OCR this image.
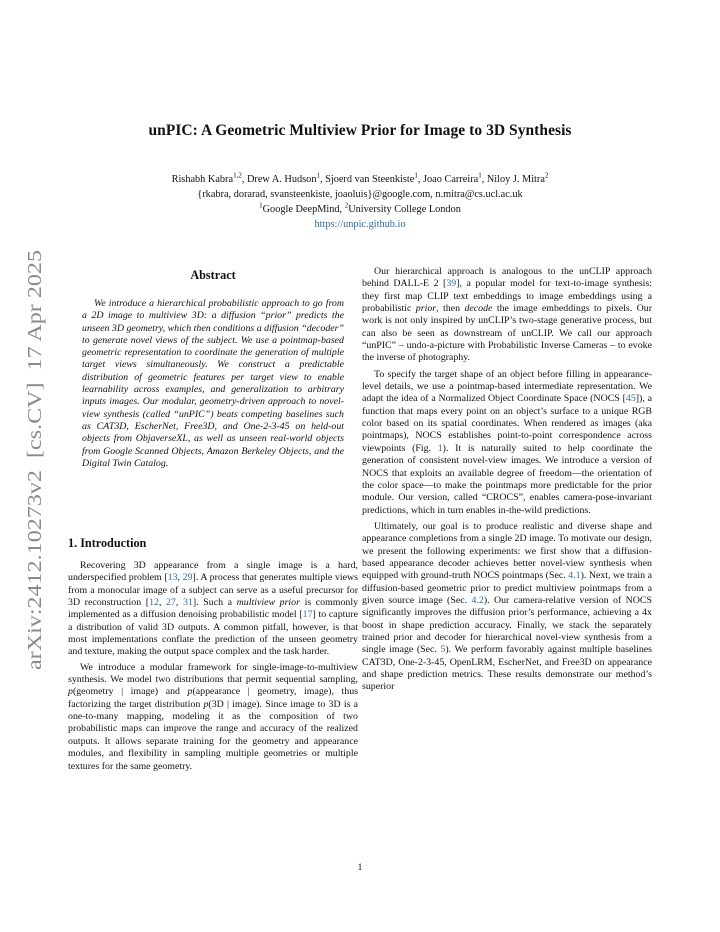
arXiv:2412.10273v2  [cs.CV]  17 Apr 2025
unPIC: A Geometric Multiview Prior for Image to 3D Synthesis
Rishabh Kabra$^{1,2}$, Drew A. Hudson$^1$, Sjoerd van Steenkiste$^1$, Joao Carreira$^1$, Niloy J. Mitra$^2$
{rkabra, dorarad, svansteenkiste, joaoluis}@google.com, n.mitra@cs.ucl.ac.uk
$^1$Google DeepMind, $^2$University College London
https://unpic.github.io
Abstract
We introduce a hierarchical probabilistic approach to go from a 2D image to multiview 3D: a diffusion “prior” predicts the unseen 3D geometry, which then conditions a diffusion “decoder” to generate novel views of the subject. We use a pointmap-based geometric representation to coordinate the generation of multiple target views simultaneously. We construct a predictable distribution of geometric features per target view to enable learnability across examples, and generalization to arbitrary inputs images. Our modular, geometry-driven approach to novel-view synthesis (called “unPIC”) beats competing baselines such as CAT3D, EscherNet, Free3D, and One-2-3-45 on held-out objects from ObjaverseXL, as well as unseen real-world objects from Google Scanned Objects, Amazon Berkeley Objects, and the Digital Twin Catalog.
1. Introduction

Recovering 3D appearance from a single image is a hard, underspecified problem [13, 29]. A process that generates multiple views from a monocular image of a subject can serve as a useful precursor for 3D reconstruction [12, 27, 31]. Such a multiview prior is commonly implemented as a diffusion denoising probabilistic model [17] to capture a distribution of valid 3D outputs. A common pitfall, however, is that most implementations conflate the prediction of the unseen geometry and texture, making the output space complex and the task harder.

We introduce a modular framework for single-image-to-multiview synthesis. We model two distributions that permit sequential sampling, p(geometry | image) and p(appearance | geometry, image), thus factorizing the target distribution p(3D | image). Since image to 3D is a one-to-many mapping, modeling it as the composition of two probabilistic maps can improve the range and accuracy of the realized outputs. It allows separate training for the geometry and appearance modules, and flexibility in sampling multiple geometries or multiple textures for the same geometry.

Our hierarchical approach is analogous to the unCLIP approach behind DALL-E 2 [39], a popular model for text-to-image synthesis: they first map CLIP text embeddings to image embeddings using a probabilistic prior, then decode the image embeddings to pixels. Our work is not only inspired by unCLIP’s two-stage generative process, but can also be seen as downstream of unCLIP. We call our approach “unPIC” – undo-a-picture with Probabilistic Inverse Cameras – to evoke the inverse of photography.

To specify the target shape of an object before filling in appearance-level details, we use a pointmap-based intermediate representation. We adapt the idea of a Normalized Object Coordinate Space (NOCS [45]), a function that maps every point on an object’s surface to a unique RGB color based on its spatial coordinates. When rendered as images (aka pointmaps), NOCS establishes point-to-point correspondence across viewpoints (Fig. 1). It is naturally suited to help coordinate the generation of consistent novel-view images. We introduce a version of NOCS that exploits an available degree of freedom—the orientation of the color space—to make the pointmaps more predictable for the prior module. Our version, called “CROCS”, enables camera-pose-invariant predictions, which in turn enables in-the-wild predictions.

Ultimately, our goal is to produce realistic and diverse shape and appearance completions from a single 2D image. To motivate our design, we present the following experiments: we first show that a diffusion-based appearance decoder achieves better novel-view synthesis when equipped with ground-truth NOCS pointmaps (Sec. 4.1). Next, we train a diffusion-based geometric prior to predict multiview pointmaps from a given source image (Sec. 4.2). Our camera-relative version of NOCS significantly improves the diffusion prior’s performance, achieving a 4x boost in shape prediction accuracy. Finally, we stack the separately trained prior and decoder for hierarchical novel-view synthesis from a single image (Sec. 5). We perform favorably against multiple baselines CAT3D, One-2-3-45, OpenLRM, EscherNet, and Free3D on appearance and shape prediction metrics. These results demonstrate our method’s superior

1
